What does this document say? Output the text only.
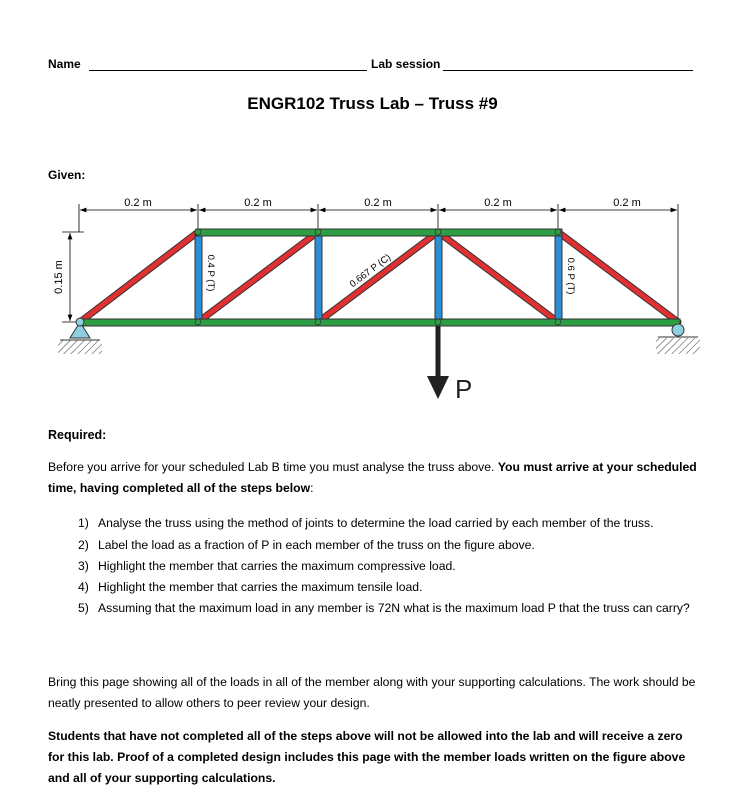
Name	Lab session
ENGR102 Truss Lab – Truss #9
Given:
0.2 m	0.2 m	0.2 m	0.2 m	0.2 m
0.15 m
P
0.4 P (T)	0.667 P (C)	0.6 P (T)
Required:
Before you arrive for your scheduled Lab B time you must analyse the truss above. You must arrive at your scheduled time, having completed all of the steps below:
1) Analyse the truss using the method of joints to determine the load carried by each member of the truss.
2) Label the load as a fraction of P in each member of the truss on the figure above.
3) Highlight the member that carries the maximum compressive load.
4) Highlight the member that carries the maximum tensile load.
5) Assuming that the maximum load in any member is 72N what is the maximum load P that the truss can carry?
Bring this page showing all of the loads in all of the member along with your supporting calculations. The work should be neatly presented to allow others to peer review your design.
Students that have not completed all of the steps above will not be allowed into the lab and will receive a zero for this lab. Proof of a completed design includes this page with the member loads written on the figure above and all of your supporting calculations.
